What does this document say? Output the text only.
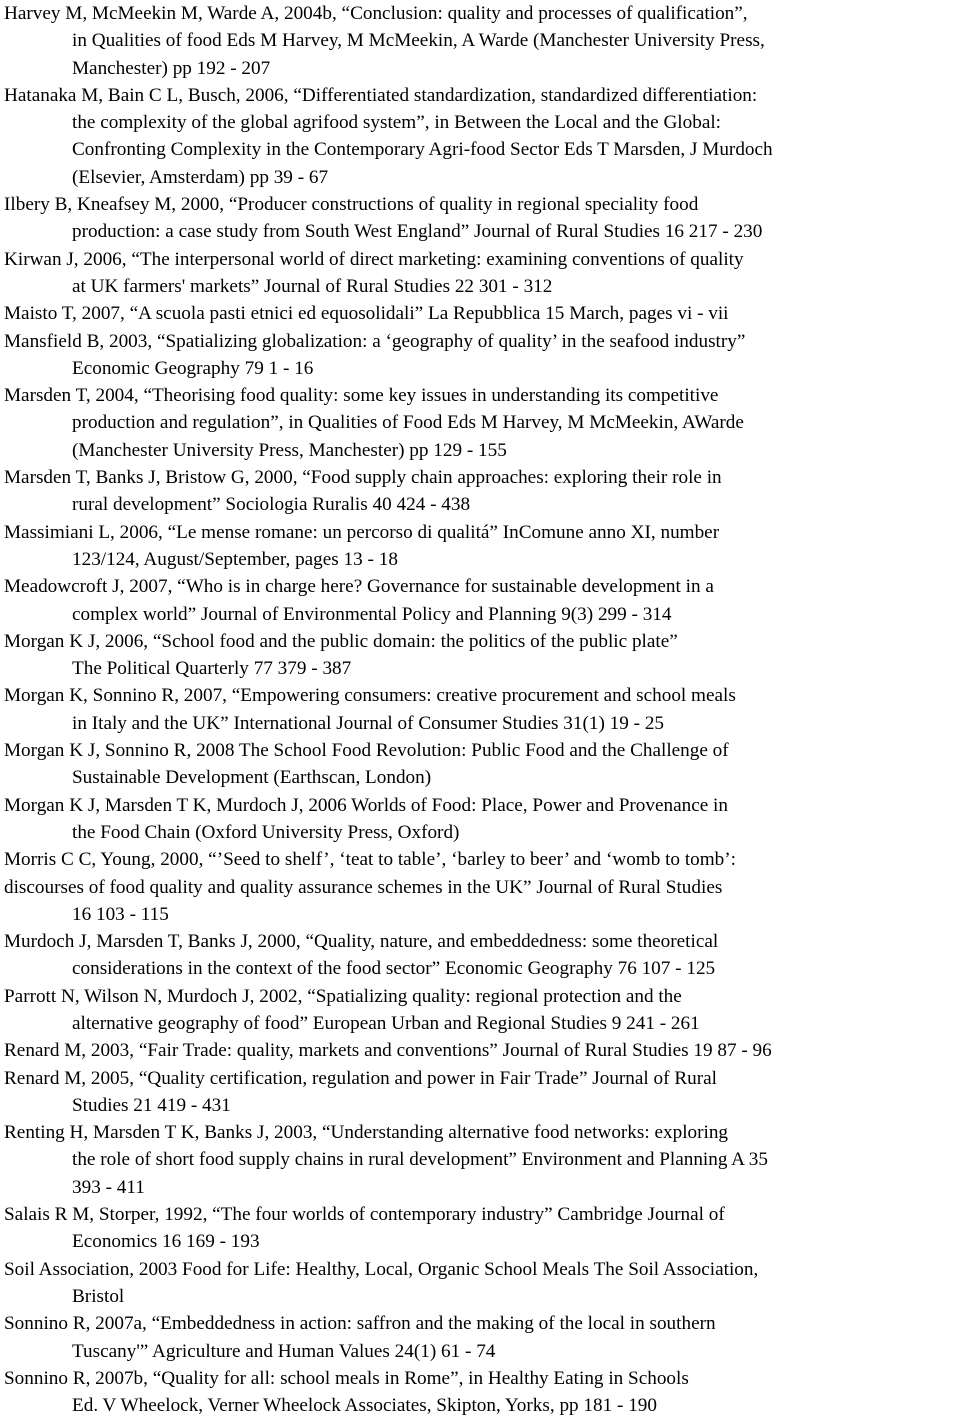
Harvey M, McMeekin M, Warde A, 2004b, “Conclusion: quality and processes of qualification”,
in Qualities of food Eds M Harvey, M McMeekin, A Warde (Manchester University Press,
Manchester) pp 192 - 207
Hatanaka M, Bain C L, Busch, 2006, “Differentiated standardization, standardized differentiation:
the complexity of the global agrifood system”, in Between the Local and the Global:
Confronting Complexity in the Contemporary Agri-food Sector Eds T Marsden, J Murdoch
(Elsevier, Amsterdam) pp 39 - 67
Ilbery B, Kneafsey M, 2000, “Producer constructions of quality in regional speciality food
production: a case study from South West England” Journal of Rural Studies 16 217 - 230
Kirwan J, 2006, “The interpersonal world of direct marketing: examining conventions of quality
at UK farmers' markets” Journal of Rural Studies 22 301 - 312
Maisto T, 2007, “A scuola pasti etnici ed equosolidali” La Repubblica 15 March, pages vi - vii
Mansfield B, 2003, “Spatializing globalization: a ‘geography of quality’ in the seafood industry”
Economic Geography 79 1 - 16
Marsden T, 2004, “Theorising food quality: some key issues in understanding its competitive
production and regulation”, in Qualities of Food Eds M Harvey, M McMeekin, AWarde
(Manchester University Press, Manchester) pp 129 - 155
Marsden T, Banks J, Bristow G, 2000, “Food supply chain approaches: exploring their role in
rural development” Sociologia Ruralis 40 424 - 438
Massimiani L, 2006, “Le mense romane: un percorso di qualitá” InComune anno XI, number
123/124, August/September, pages 13 - 18
Meadowcroft J, 2007, “Who is in charge here? Governance for sustainable development in a
complex world” Journal of Environmental Policy and Planning 9(3) 299 - 314
Morgan K J, 2006, “School food and the public domain: the politics of the public plate”
The Political Quarterly 77 379 - 387
Morgan K, Sonnino R, 2007, “Empowering consumers: creative procurement and school meals
in Italy and the UK” International Journal of Consumer Studies 31(1) 19 - 25
Morgan K J, Sonnino R, 2008 The School Food Revolution: Public Food and the Challenge of
Sustainable Development (Earthscan, London)
Morgan K J, Marsden T K, Murdoch J, 2006 Worlds of Food: Place, Power and Provenance in
the Food Chain (Oxford University Press, Oxford)
Morris C C, Young, 2000, “’Seed to shelf’, ‘teat to table’, ‘barley to beer’ and ‘womb to tomb’:
discourses of food quality and quality assurance schemes in the UK” Journal of Rural Studies
16 103 - 115
Murdoch J, Marsden T, Banks J, 2000, “Quality, nature, and embeddedness: some theoretical
considerations in the context of the food sector” Economic Geography 76 107 - 125
Parrott N, Wilson N, Murdoch J, 2002, “Spatializing quality: regional protection and the
alternative geography of food” European Urban and Regional Studies 9 241 - 261
Renard M, 2003, “Fair Trade: quality, markets and conventions” Journal of Rural Studies 19 87 - 96
Renard M, 2005, “Quality certification, regulation and power in Fair Trade” Journal of Rural
Studies 21 419 - 431
Renting H, Marsden T K, Banks J, 2003, “Understanding alternative food networks: exploring
the role of short food supply chains in rural development” Environment and Planning A 35
393 - 411
Salais R M, Storper, 1992, “The four worlds of contemporary industry” Cambridge Journal of
Economics 16 169 - 193
Soil Association, 2003 Food for Life: Healthy, Local, Organic School Meals The Soil Association,
Bristol
Sonnino R, 2007a, “Embeddedness in action: saffron and the making of the local in southern
Tuscany'” Agriculture and Human Values 24(1) 61 - 74
Sonnino R, 2007b, “Quality for all: school meals in Rome”, in Healthy Eating in Schools
Ed. V Wheelock, Verner Wheelock Associates, Skipton, Yorks, pp 181 - 190
